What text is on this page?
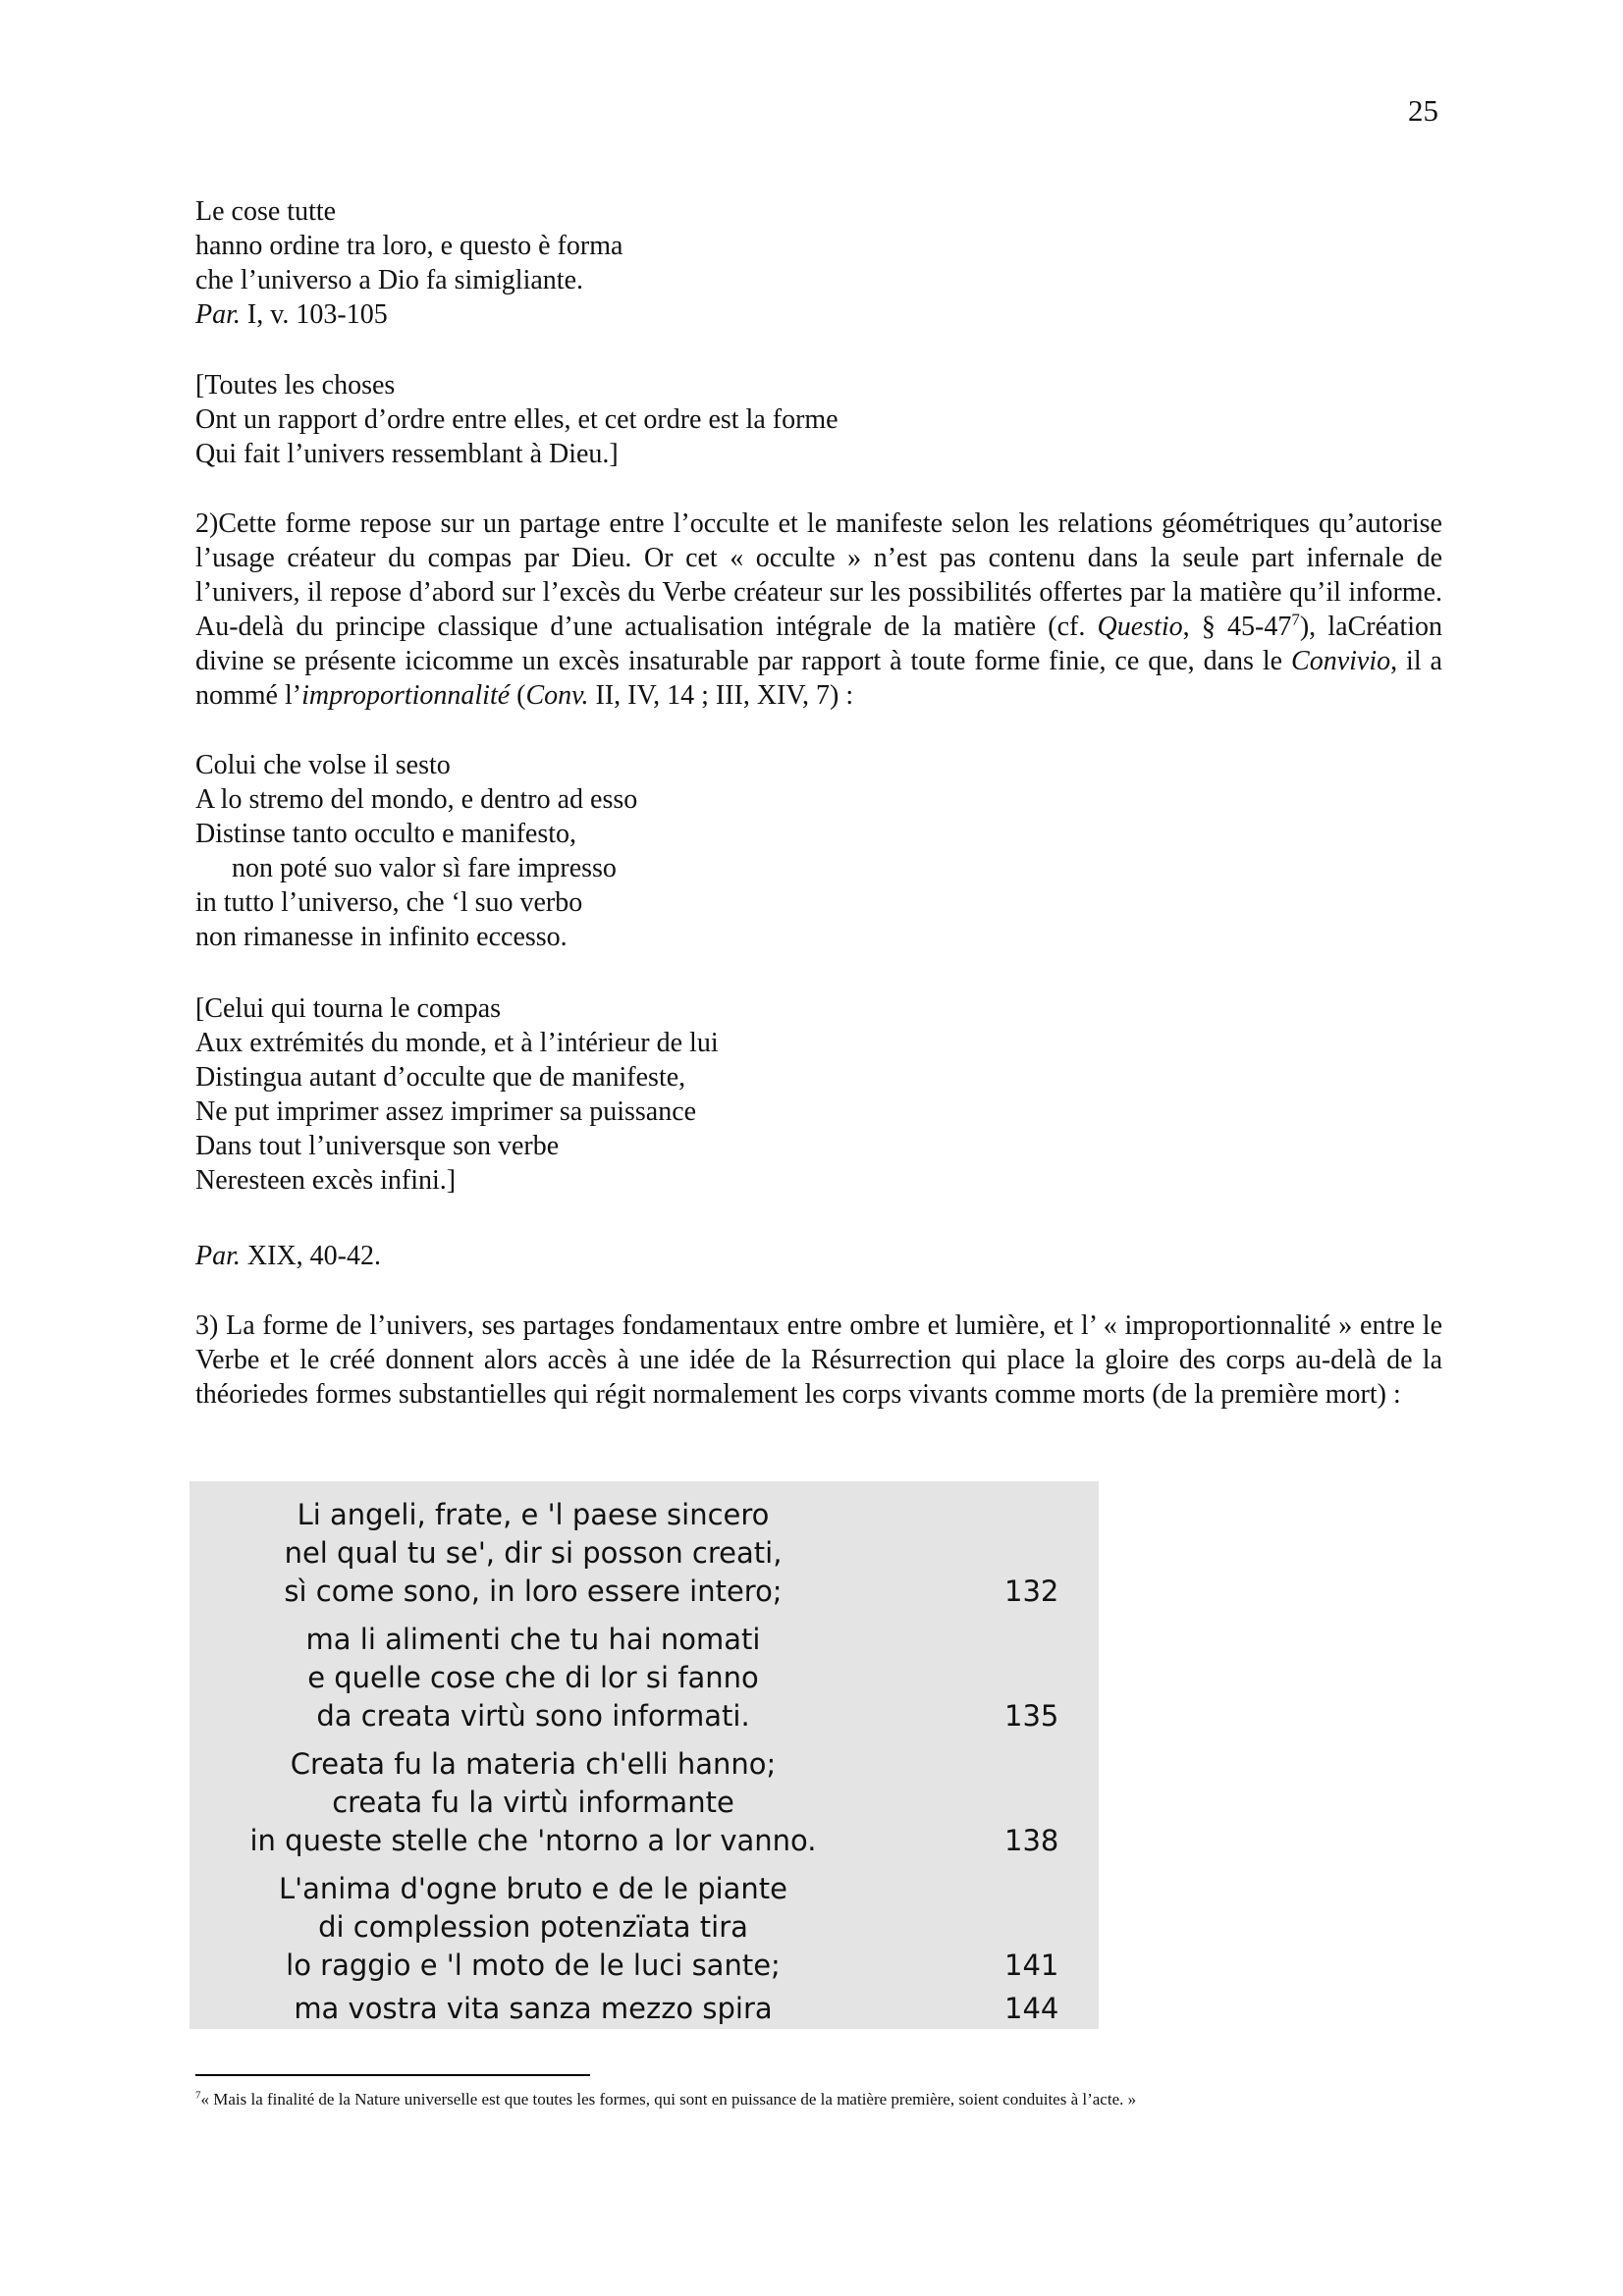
25
Le cose tutte
hanno ordine tra loro, e questo è forma
che l’universo a Dio fa simigliante.
Par. I, v. 103-105
[Toutes les choses
Ont un rapport d’ordre entre elles, et cet ordre est la forme
Qui fait l’univers ressemblant à Dieu.]
2)Cette forme repose sur un partage entre l’occulte et le manifeste selon les relations géométriques qu’autorise l’usage créateur du compas par Dieu. Or cet « occulte » n’est pas contenu dans la seule part infernale de l’univers, il repose d’abord sur l’excès du Verbe créateur sur les possibilités offertes par la matière qu’il informe. Au-delà du principe classique d’une actualisation intégrale de la matière (cf. Questio, § $45-47^7$), laCréation divine se présente icicomme un excès insaturable par rapport à toute forme finie, ce que, dans le Convivio, il a nommé l’improportionnalité (Conv. II, IV, 14 ; III, XIV, 7) :
Colui che volse il sesto
A lo stremo del mondo, e dentro ad esso
Distinse tanto occulto e manifesto,
non poté suo valor sì fare impresso
in tutto l’universo, che ‘l suo verbo
non rimanesse in infinito eccesso.
[Celui qui tourna le compas
Aux extrémités du monde, et à l’intérieur de lui
Distingua autant d’occulte que de manifeste,
Ne put imprimer assez imprimer sa puissance
Dans tout l’universque son verbe
Neresteen excès infini.]
Par. XIX, 40-42.
3) La forme de l’univers, ses partages fondamentaux entre ombre et lumière, et l’ « improportionnalité » entre le Verbe et le créé donnent alors accès à une idée de la Résurrection qui place la gloire des corps au-delà de la théoriedes formes substantielles qui régit normalement les corps vivants comme morts (de la première mort) :
Li angeli, frate, e 'l paese sincero
nel qual tu se', dir si posson creati,
sì come sono, in loro essere intero;	132
ma li alimenti che tu hai nomati
e quelle cose che di lor si fanno
da creata virtù sono informati.	135
Creata fu la materia ch'elli hanno;
creata fu la virtù informante
in queste stelle che 'ntorno a lor vanno.	138
L'anima d'ogne bruto e de le piante
di complession potenzïata tira
lo raggio e 'l moto de le luci sante;	141
ma vostra vita sanza mezzo spira	144
$^7$« Mais la finalité de la Nature universelle est que toutes les formes, qui sont en puissance de la matière première, soient conduites à l’acte. »
